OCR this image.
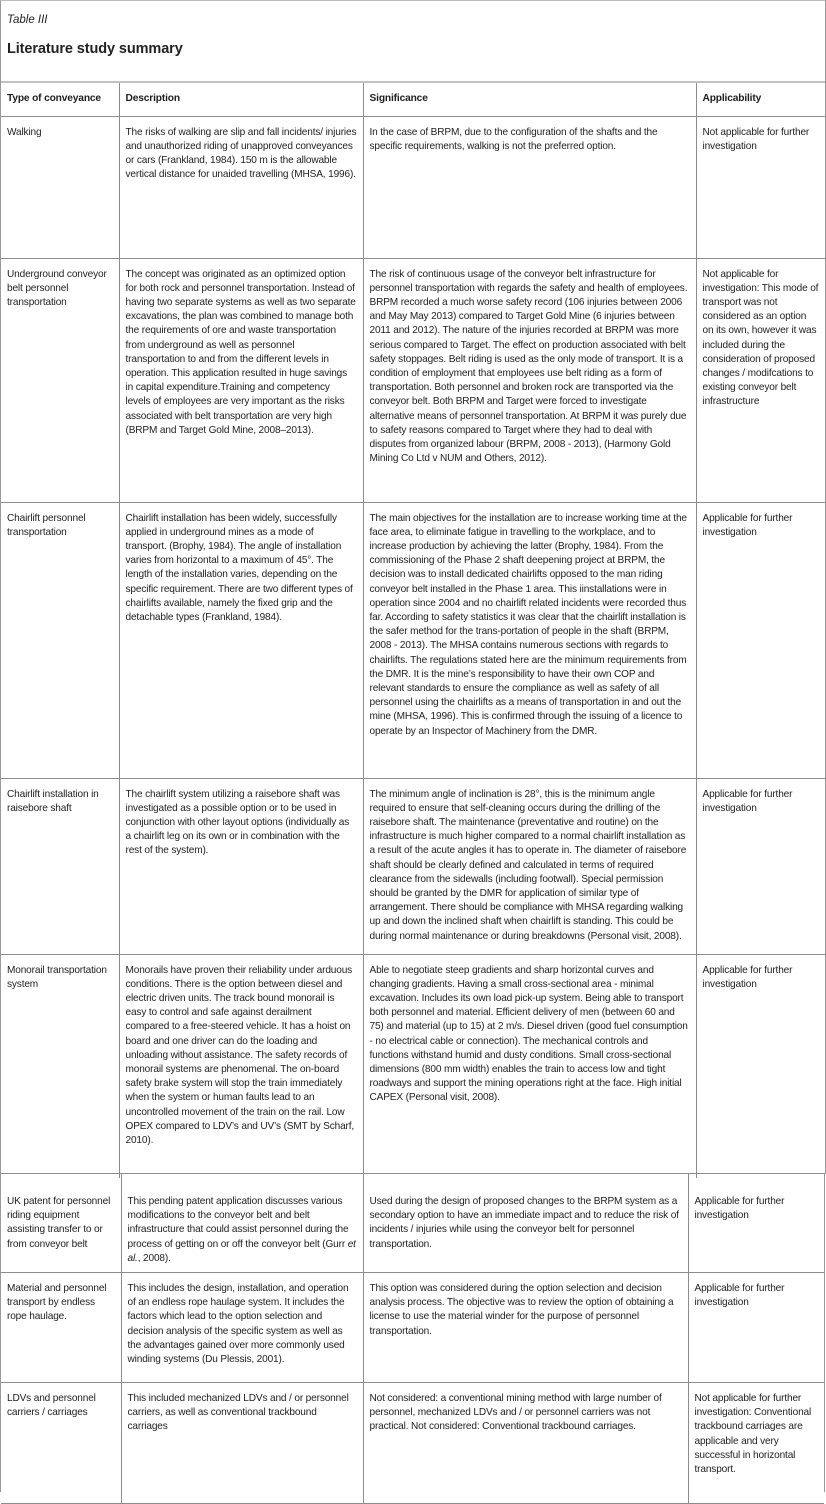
Table III
Literature study summary
Type of conveyance	Description	Significance	Applicability
Walking	The risks of walking are slip and fall incidents/ injuries and unauthorized riding of unapproved conveyances or cars (Frankland, 1984). 150 m is the allowable vertical distance for unaided travelling (MHSA, 1996).	In the case of BRPM, due to the configuration of the shafts and the specific requirements, walking is not the preferred option.	Not applicable for further investigation
Underground conveyor belt personnel transportation	The concept was originated as an optimized option for both rock and personnel transportation. Instead of having two separate systems as well as two separate excavations, the plan was combined to manage both the requirements of ore and waste transportation from underground as well as personnel transportation to and from the different levels in operation. This application resulted in huge savings in capital expenditure.Training and competency levels of employees are very important as the risks associated with belt transportation are very high (BRPM and Target Gold Mine, 2008–2013).	The risk of continuous usage of the conveyor belt infrastructure for personnel transportation with regards the safety and health of employees. BRPM recorded a much worse safety record (106 injuries between 2006 and May May 2013) compared to Target Gold Mine (6 injuries between 2011 and 2012). The nature of the injuries recorded at BRPM was more serious compared to Target. The effect on production associated with belt safety stoppages. Belt riding is used as the only mode of transport. It is a condition of employment that employees use belt riding as a form of transportation. Both personnel and broken rock are transported via the conveyor belt. Both BRPM and Target were forced to investigate alternative means of personnel transportation. At BRPM it was purely due to safety reasons compared to Target where they had to deal with disputes from organized labour (BRPM, 2008 - 2013), (Harmony Gold Mining Co Ltd v NUM and Others, 2012).	Not applicable for investigation: This mode of transport was not considered as an option on its own, however it was included during the consideration of proposed changes / modifcations to existing conveyor belt infrastructure
Chairlift personnel transportation	Chairlift installation has been widely, successfully applied in underground mines as a mode of transport. (Brophy, 1984). The angle of installation varies from horizontal to a maximum of 45°. The length of the installation varies, depending on the specific requirement. There are two different types of chairlifts available, namely the fixed grip and the detachable types (Frankland, 1984).	The main objectives for the installation are to increase working time at the face area, to eliminate fatigue in travelling to the workplace, and to increase production by achieving the latter (Brophy, 1984). From the commissioning of the Phase 2 shaft deepening project at BRPM, the decision was to install dedicated chairlifts opposed to the man riding conveyor belt installed in the Phase 1 area. This iinstallations were in operation since 2004 and no chairlift related incidents were recorded thus far. According to safety statistics it was clear that the chairlift installation is the safer method for the trans-portation of people in the shaft (BRPM, 2008 - 2013). The MHSA contains numerous sections with regards to chairlifts. The regulations stated here are the minimum requirements from the DMR. It is the mine’s responsibility to have their own COP and relevant standards to ensure the compliance as well as safety of all personnel using the chairlifts as a means of transportation in and out the mine (MHSA, 1996). This is confirmed through the issuing of a licence to operate by an Inspector of Machinery from the DMR.	Applicable for further investigation
Chairlift installation in raisebore shaft	The chairlift system utilizing a raisebore shaft was investigated as a possible option or to be used in conjunction with other layout options (individually as a chairlift leg on its own or in combination with the rest of the system).	The minimum angle of inclination is 28°, this is the minimum angle required to ensure that self-cleaning occurs during the drilling of the raisebore shaft. The maintenance (preventative and routine) on the infrastructure is much higher compared to a normal chairlift installation as a result of the acute angles it has to operate in. The diameter of raisebore shaft should be clearly defined and calculated in terms of required clearance from the sidewalls (including footwall). Special permission should be granted by the DMR for application of similar type of arrangement. There should be compliance with MHSA regarding walking up and down the inclined shaft when chairlift is standing. This could be during normal maintenance or during breakdowns (Personal visit, 2008).	Applicable for further investigation
Monorail transportation system	Monorails have proven their reliability under arduous conditions. There is the option between diesel and electric driven units. The track bound monorail is easy to control and safe against derailment compared to a free-steered vehicle. It has a hoist on board and one driver can do the loading and unloading without assistance. The safety records of monorail systems are phenomenal. The on-board safety brake system will stop the train immediately when the system or human faults lead to an uncontrolled movement of the train on the rail. Low OPEX compared to LDV’s and UV’s (SMT by Scharf, 2010).	Able to negotiate steep gradients and sharp horizontal curves and changing gradients. Having a small cross-sectional area - minimal excavation. Includes its own load pick-up system. Being able to transport both personnel and material. Efficient delivery of men (between 60 and 75) and material (up to 15) at 2 m/s. Diesel driven (good fuel consumption - no electrical cable or connection). The mechanical controls and functions withstand humid and dusty conditions. Small cross-sectional dimensions (800 mm width) enables the train to access low and tight roadways and support the mining operations right at the face. High initial CAPEX (Personal visit, 2008).	Applicable for further investigation
UK patent for personnel riding equipment assisting transfer to or from conveyor belt	This pending patent application discusses various modifications to the conveyor belt and belt infrastructure that could assist personnel during the process of getting on or off the conveyor belt (Gurr et al., 2008).	Used during the design of proposed changes to the BRPM system as a secondary option to have an immediate impact and to reduce the risk of incidents / injuries while using the conveyor belt for personnel transportation.	Applicable for further investigation
Material and personnel transport by endless rope haulage.	This includes the design, installation, and operation of an endless rope haulage system. It includes the factors which lead to the option selection and decision analysis of the specific system as well as the advantages gained over more commonly used winding systems (Du Plessis, 2001).	This option was considered during the option selection and decision analysis process. The objective was to review the option of obtaining a license to use the material winder for the purpose of personnel transportation.	Applicable for further investigation
LDVs and personnel carriers / carriages	This included mechanized LDVs and / or personnel carriers, as well as conventional trackbound carriages	Not considered: a conventional mining method with large number of personnel, mechanized LDVs and / or personnel carriers was not practical. Not considered: Conventional trackbound carriages.	Not applicable for further investigation: Conventional trackbound carriages are applicable and very successful in horizontal transport.
